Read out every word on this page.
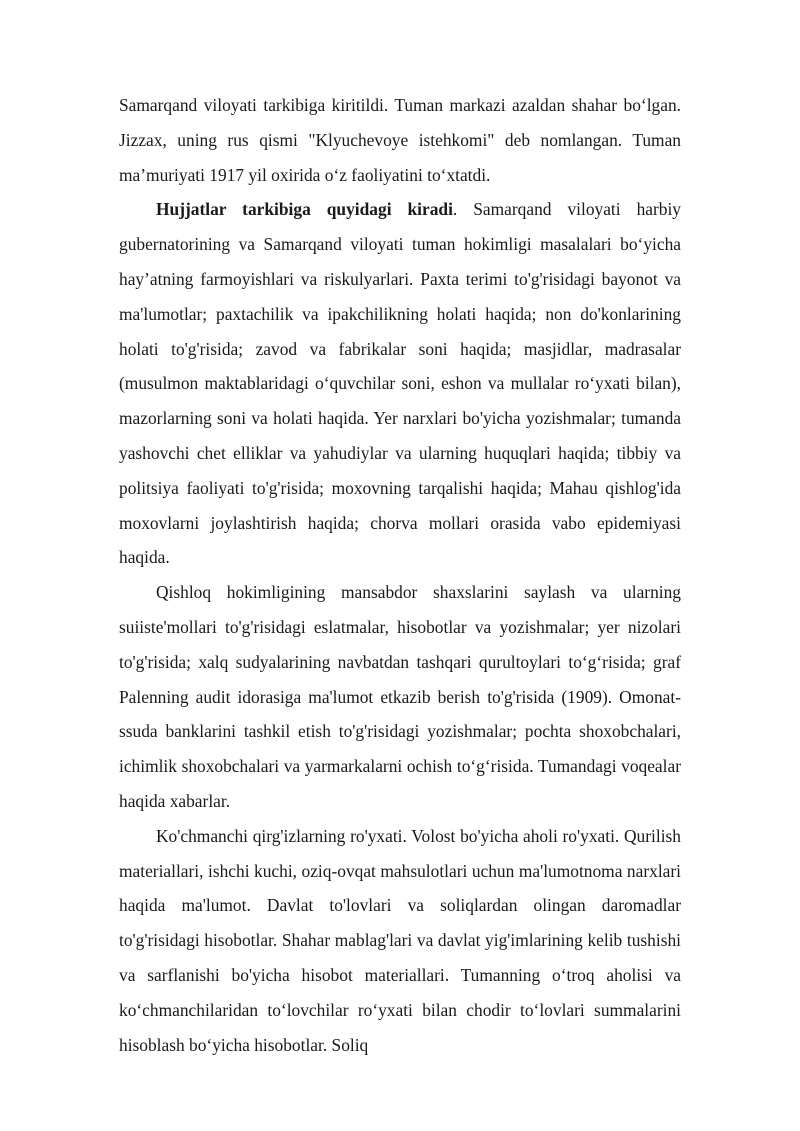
Samarqand viloyati tarkibiga kiritildi. Tuman markazi azaldan shahar bo‘lgan. Jizzax, uning rus qismi "Klyuchevoye istehkomi" deb nomlangan. Tuman ma’muriyati 1917 yil oxirida o‘z faoliyatini to‘xtatdi.

Hujjatlar tarkibiga quyidagi kiradi. Samarqand viloyati harbiy gubernatorining va Samarqand viloyati tuman hokimligi masalalari bo‘yicha hay’atning farmoyishlari va riskulyarlari. Paxta terimi to'g'risidagi bayonot va ma'lumotlar; paxtachilik va ipakchilikning holati haqida; non do'konlarining holati to'g'risida; zavod va fabrikalar soni haqida; masjidlar, madrasalar (musulmon maktablaridagi o‘quvchilar soni, eshon va mullalar ro‘yxati bilan), mazorlarning soni va holati haqida. Yer narxlari bo'yicha yozishmalar; tumanda yashovchi chet elliklar va yahudiylar va ularning huquqlari haqida; tibbiy va politsiya faoliyati to'g'risida; moxovning tarqalishi haqida; Mahau qishlog'ida moxovlarni joylashtirish haqida; chorva mollari orasida vabo epidemiyasi haqida.

Qishloq hokimligining mansabdor shaxslarini saylash va ularning suiiste'mollari to'g'risidagi eslatmalar, hisobotlar va yozishmalar; yer nizolari to'g'risida; xalq sudyalarining navbatdan tashqari qurultoylari to‘g‘risida; graf Palenning audit idorasiga ma'lumot etkazib berish to'g'risida (1909). Omonat-ssuda banklarini tashkil etish to'g'risidagi yozishmalar; pochta shoxobchalari, ichimlik shoxobchalari va yarmarkalarni ochish to‘g‘risida. Tumandagi voqealar haqida xabarlar.

Ko'chmanchi qirg'izlarning ro'yxati. Volost bo'yicha aholi ro'yxati. Qurilish materiallari, ishchi kuchi, oziq-ovqat mahsulotlari uchun ma'lumotnoma narxlari haqida ma'lumot. Davlat to'lovlari va soliqlardan olingan daromadlar to'g'risidagi hisobotlar. Shahar mablag'lari va davlat yig'imlarining kelib tushishi va sarflanishi bo'yicha hisobot materiallari. Tumanning o‘troq aholisi va ko‘chmanchilaridan to‘lovchilar ro‘yxati bilan chodir to‘lovlari summalarini hisoblash bo‘yicha hisobotlar. Soliq
